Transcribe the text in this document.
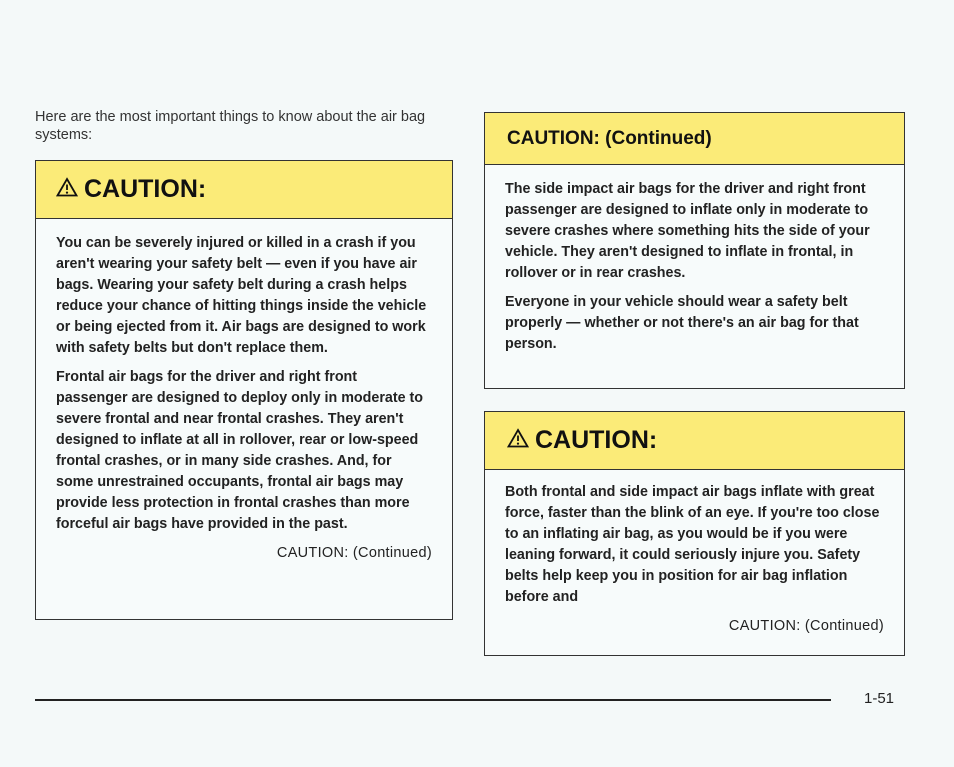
Here are the most important things to know about the air bag systems:

CAUTION:

You can be severely injured or killed in a crash if you aren't wearing your safety belt — even if you have air bags. Wearing your safety belt during a crash helps reduce your chance of hitting things inside the vehicle or being ejected from it. Air bags are designed to work with safety belts but don't replace them.

Frontal air bags for the driver and right front passenger are designed to deploy only in moderate to severe frontal and near frontal crashes. They aren't designed to inflate at all in rollover, rear or low-speed frontal crashes, or in many side crashes. And, for some unrestrained occupants, frontal air bags may provide less protection in frontal crashes than more forceful air bags have provided in the past.

CAUTION: (Continued)
CAUTION: (Continued)

The side impact air bags for the driver and right front passenger are designed to inflate only in moderate to severe crashes where something hits the side of your vehicle. They aren't designed to inflate in frontal, in rollover or in rear crashes.

Everyone in your vehicle should wear a safety belt properly — whether or not there's an air bag for that person.

CAUTION:

Both frontal and side impact air bags inflate with great force, faster than the blink of an eye. If you're too close to an inflating air bag, as you would be if you were leaning forward, it could seriously injure you. Safety belts help keep you in position for air bag inflation before and

CAUTION: (Continued)
1-51
